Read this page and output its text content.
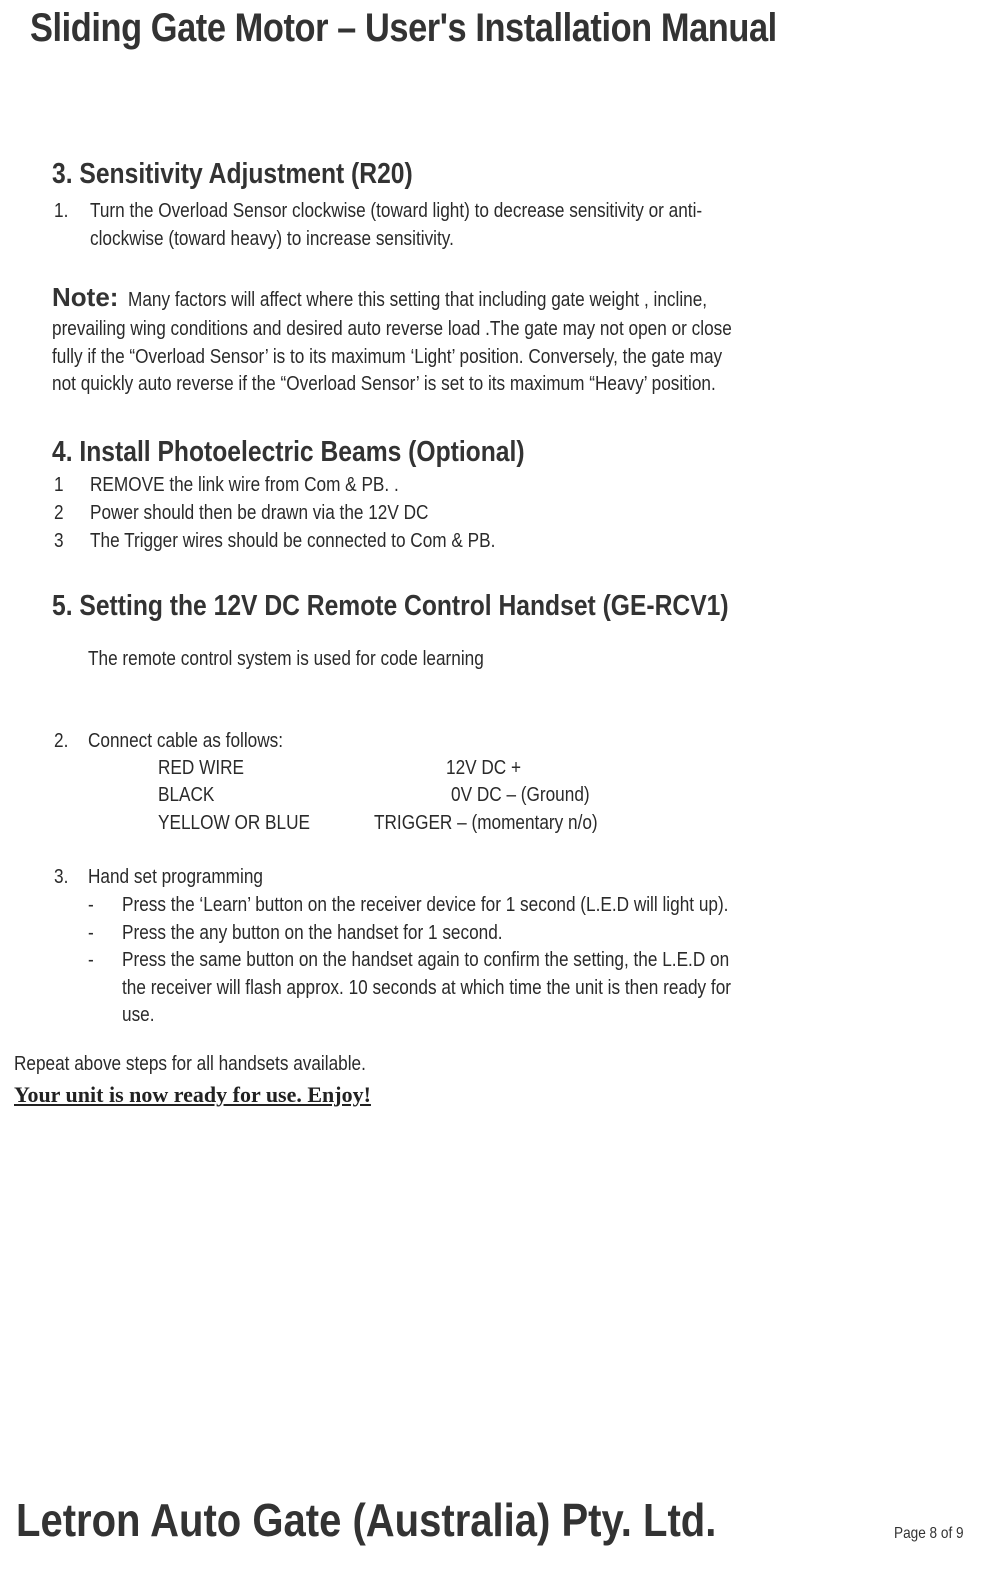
Sliding Gate Motor – User's Installation Manual
3. Sensitivity Adjustment (R20)
1. Turn the Overload Sensor clockwise (toward light) to decrease sensitivity or anti-
clockwise (toward heavy) to increase sensitivity.
Note: Many factors will affect where this setting that including gate weight , incline,
prevailing wing conditions and desired auto reverse load .The gate may not open or close
fully if the “Overload Sensor’ is to its maximum ‘Light’ position. Conversely, the gate may
not quickly auto reverse if the “Overload Sensor’ is set to its maximum “Heavy’ position.
4. Install Photoelectric Beams (Optional)
1 REMOVE the link wire from Com & PB. .
2 Power should then be drawn via the 12V DC
3 The Trigger wires should be connected to Com & PB.
5. Setting the 12V DC Remote Control Handset (GE-RCV1)
The remote control system is used for code learning
2. Connect cable as follows:
RED WIRE	12V DC +
BLACK	0V DC – (Ground)
YELLOW OR BLUE	TRIGGER – (momentary n/o)
3. Hand set programming
- Press the ‘Learn’ button on the receiver device for 1 second (L.E.D will light up).
- Press the any button on the handset for 1 second.
- Press the same button on the handset again to confirm the setting, the L.E.D on
the receiver will flash approx. 10 seconds at which time the unit is then ready for
use.
Repeat above steps for all handsets available.
Your unit is now ready for use. Enjoy!
Letron Auto Gate (Australia) Pty. Ltd.	Page 8 of 9
